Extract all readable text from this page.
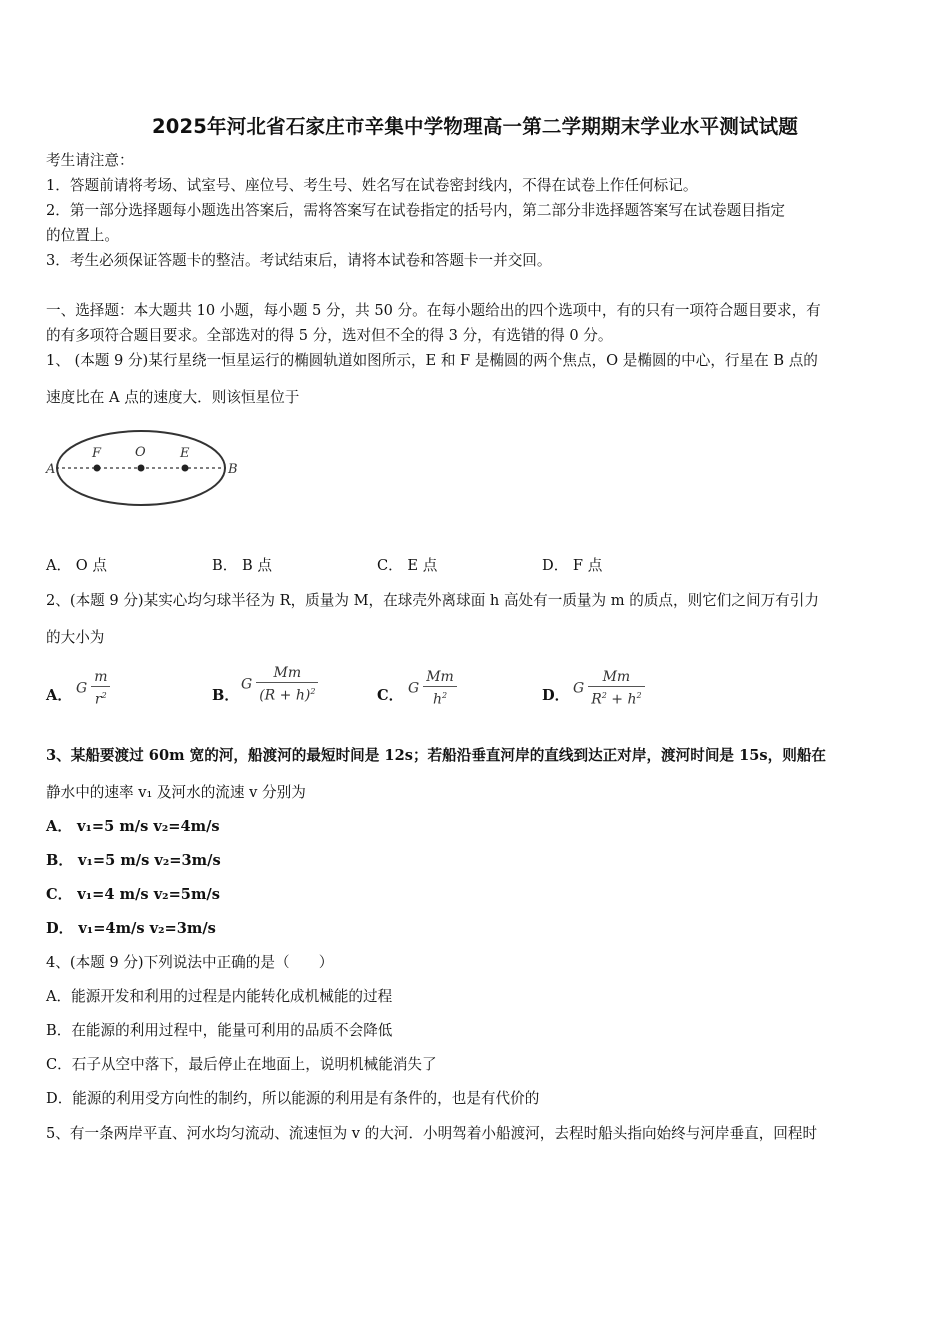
2025年河北省石家庄市辛集中学物理高一第二学期期末学业水平测试试题
考生请注意：
1．答题前请将考场、试室号、座位号、考生号、姓名写在试卷密封线内，不得在试卷上作任何标记。
2．第一部分选择题每小题选出答案后，需将答案写在试卷指定的括号内，第二部分非选择题答案写在试卷题目指定
的位置上。
3．考生必须保证答题卡的整洁。考试结束后，请将本试卷和答题卡一并交回。
一、选择题：本大题共 10 小题，每小题 5 分，共 50 分。在每小题给出的四个选项中，有的只有一项符合题目要求，有
的有多项符合题目要求。全部选对的得 5 分，选对但不全的得 3 分，有选错的得 0 分。
1、 (本题 9 分)某行星绕一恒星运行的椭圆轨道如图所示，E 和 F 是椭圆的两个焦点，O 是椭圆的中心，行星在 B 点的
速度比在 A 点的速度大．则该恒星位于
A
F	O	E
B
A． O 点	B． B 点	C． E 点	D． F 点
2、(本题 9 分)某实心均匀球半径为 R，质量为 M，在球壳外离球面 h 高处有一质量为 m 的质点，则它们之间万有引力
的大小为
A． G $\frac{m}{r^2}$	B．
G $\frac{Mm}{(R + h)^2}$	C． G $\frac{Mm}{h^2}$	D． G $\frac{Mm}{R^2 + h^2}$
3、某船要渡过 60m 宽的河，船渡河的最短时间是 12s；若船沿垂直河岸的直线到达正对岸，渡河时间是 15s，则船在
静水中的速率 v₁ 及河水的流速 v 分别为
A． v₁=5 m/s v₂=4m/s
B． v₁=5 m/s v₂=3m/s
C． v₁=4 m/s v₂=5m/s
D． v₁=4m/s v₂=3m/s
4、(本题 9 分)下列说法中正确的是（　　）
A．能源开发和利用的过程是内能转化成机械能的过程
B．在能源的利用过程中，能量可利用的品质不会降低
C．石子从空中落下，最后停止在地面上，说明机械能消失了
D．能源的利用受方向性的制约，所以能源的利用是有条件的，也是有代价的
5、有一条两岸平直、河水均匀流动、流速恒为 v 的大河．小明驾着小船渡河，去程时船头指向始终与河岸垂直，回程时
